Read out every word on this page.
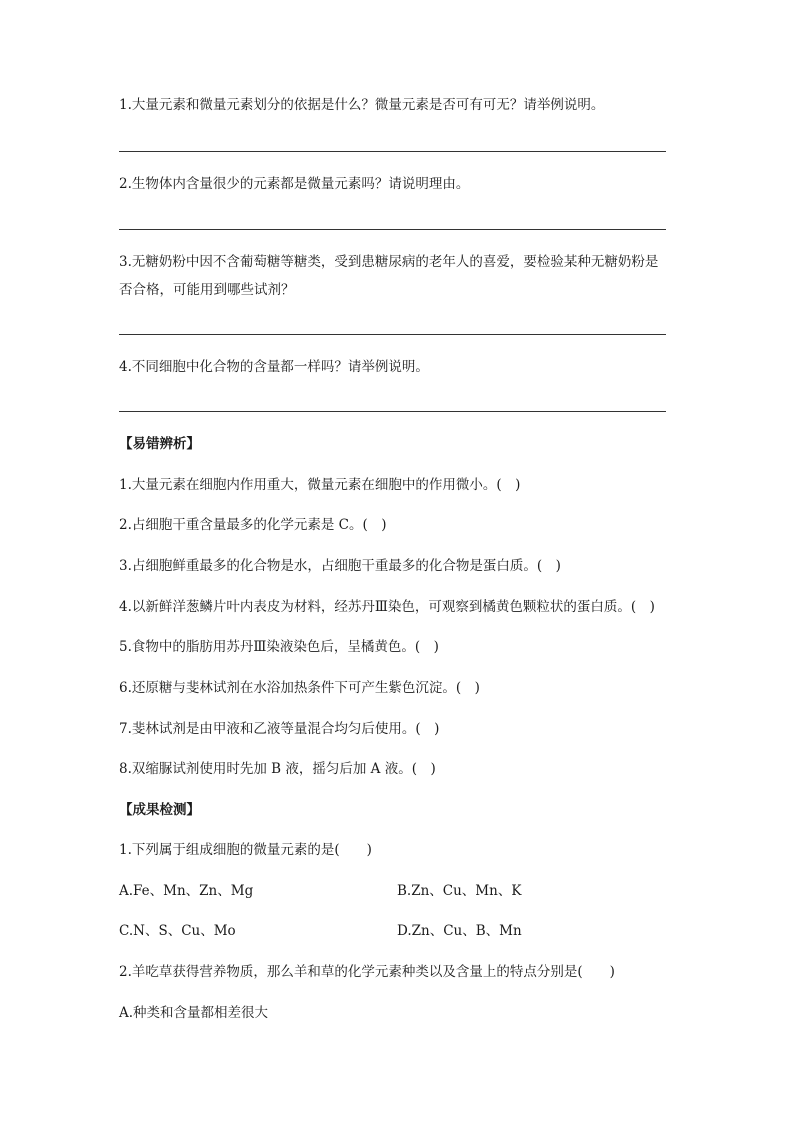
1.大量元素和微量元素划分的依据是什么？微量元素是否可有可无？请举例说明。
2.生物体内含量很少的元素都是微量元素吗？请说明理由。
3.无糖奶粉中因不含葡萄糖等糖类，受到患糖尿病的老年人的喜爱，要检验某种无糖奶粉是
否合格，可能用到哪些试剂？
4.不同细胞中化合物的含量都一样吗？请举例说明。
【易错辨析】
1.大量元素在细胞内作用重大，微量元素在细胞中的作用微小。(　)
2.占细胞干重含量最多的化学元素是 C。(　)
3.占细胞鲜重最多的化合物是水，占细胞干重最多的化合物是蛋白质。(　)
4.以新鲜洋葱鳞片叶内表皮为材料，经苏丹Ⅲ染色，可观察到橘黄色颗粒状的蛋白质。(　)
5.食物中的脂肪用苏丹Ⅲ染液染色后，呈橘黄色。(　)
6.还原糖与斐林试剂在水浴加热条件下可产生紫色沉淀。(　)
7.斐林试剂是由甲液和乙液等量混合均匀后使用。(　)
8.双缩脲试剂使用时先加 B 液，摇匀后加 A 液。(　)
【成果检测】
1.下列属于组成细胞的微量元素的是(　　)
A.Fe、Mn、Zn、Mg	B.Zn、Cu、Mn、K
C.N、S、Cu、Mo	D.Zn、Cu、B、Mn
2.羊吃草获得营养物质，那么羊和草的化学元素种类以及含量上的特点分别是(　　)
A.种类和含量都相差很大
